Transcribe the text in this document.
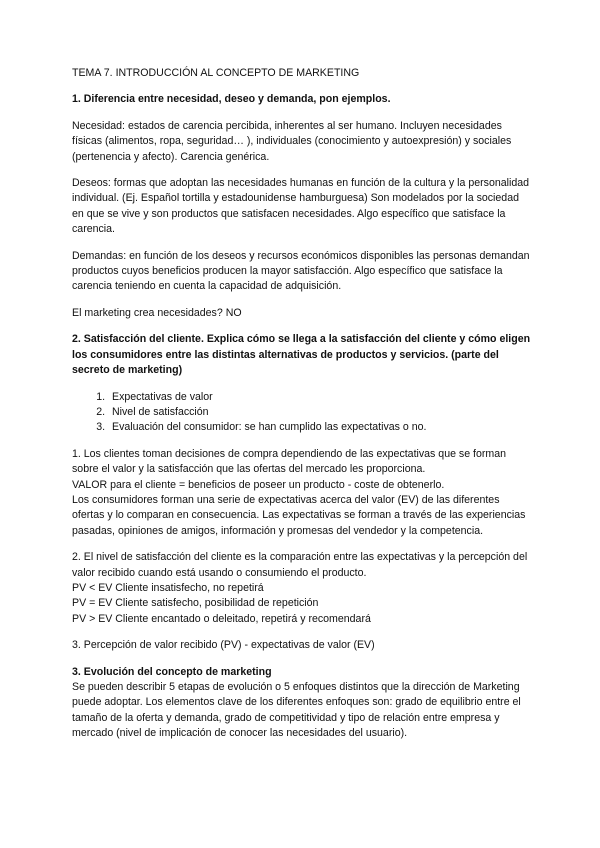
TEMA 7. INTRODUCCIÓN AL CONCEPTO DE MARKETING

1. Diferencia entre necesidad, deseo y demanda, pon ejemplos.

Necesidad: estados de carencia percibida, inherentes al ser humano. Incluyen necesidades físicas (alimentos, ropa, seguridad… ), individuales (conocimiento y autoexpresión) y sociales (pertenencia y afecto). Carencia genérica.

Deseos: formas que adoptan las necesidades humanas en función de la cultura y la personalidad individual. (Ej. Español tortilla y estadounidense hamburguesa) Son modelados por la sociedad en que se vive y son productos que satisfacen necesidades. Algo específico que satisface la carencia.

Demandas: en función de los deseos y recursos económicos disponibles las personas demandan productos cuyos beneficios producen la mayor satisfacción. Algo específico que satisface la carencia teniendo en cuenta la capacidad de adquisición.

El marketing crea necesidades? NO

2. Satisfacción del cliente. Explica cómo se llega a la satisfacción del cliente y cómo eligen los consumidores entre las distintas alternativas de productos y servicios. (parte del secreto de marketing)

1. Expectativas de valor
2. Nivel de satisfacción
3. Evaluación del consumidor: se han cumplido las expectativas o no.

1. Los clientes toman decisiones de compra dependiendo de las expectativas que se forman sobre el valor y la satisfacción que las ofertas del mercado les proporciona.

VALOR para el cliente = beneficios de poseer un producto - coste de obtenerlo.

Los consumidores forman una serie de expectativas acerca del valor (EV) de las diferentes ofertas y lo comparan en consecuencia. Las expectativas se forman a través de las experiencias pasadas, opiniones de amigos, información y promesas del vendedor y la competencia.

2. El nivel de satisfacción del cliente es la comparación entre las expectativas y la percepción del valor recibido cuando está usando o consumiendo el producto.

PV < EV Cliente insatisfecho, no repetirá

PV = EV Cliente satisfecho, posibilidad de repetición

PV > EV Cliente encantado o deleitado, repetirá y recomendará

3. Percepción de valor recibido (PV) - expectativas de valor (EV)

3. Evolución del concepto de marketing

Se pueden describir 5 etapas de evolución o 5 enfoques distintos que la dirección de Marketing puede adoptar. Los elementos clave de los diferentes enfoques son: grado de equilibrio entre el tamaño de la oferta y demanda, grado de competitividad y tipo de relación entre empresa y mercado (nivel de implicación de conocer las necesidades del usuario).
